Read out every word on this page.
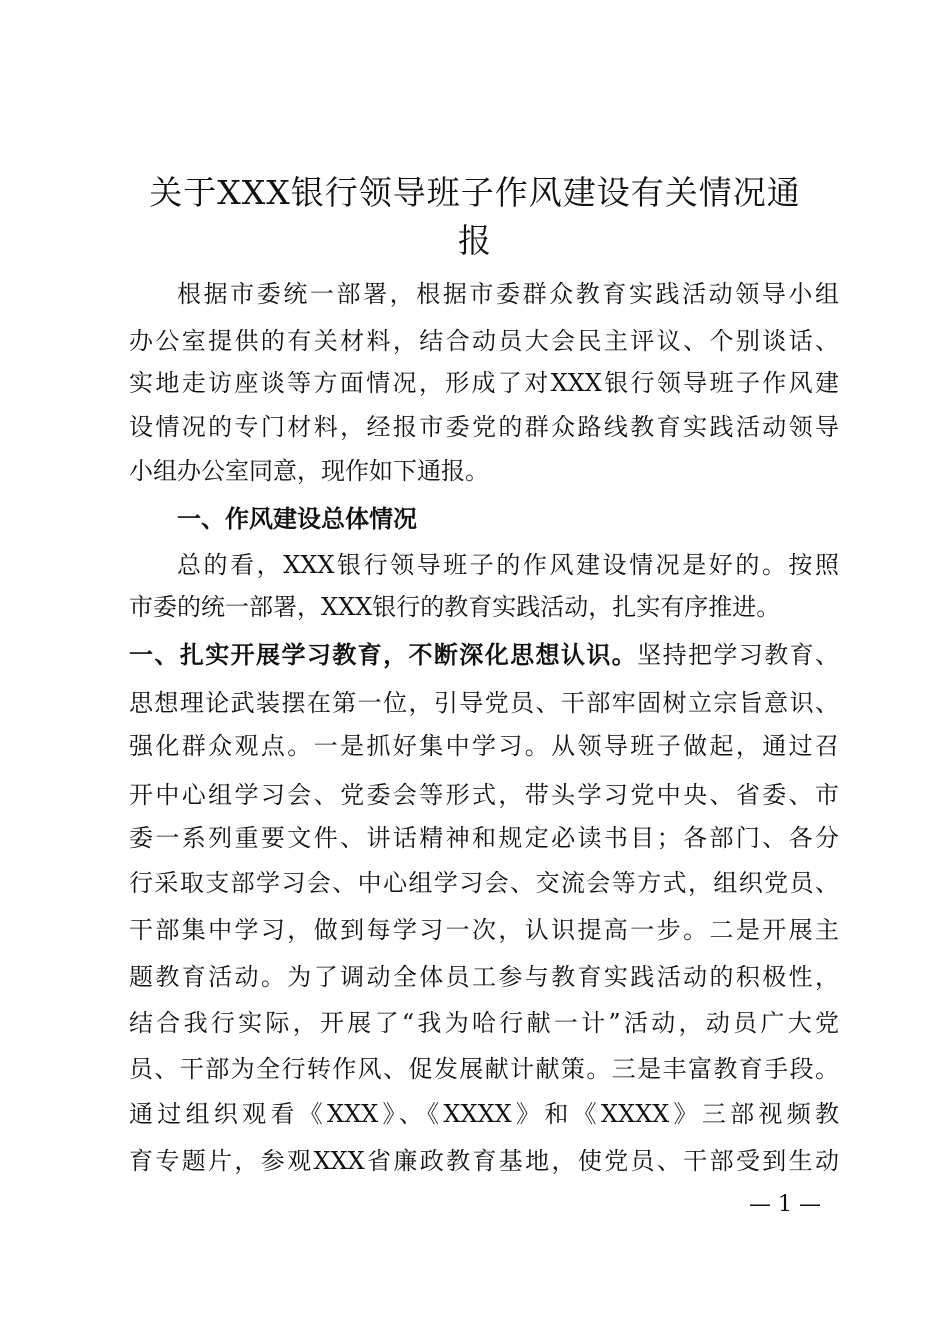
关于XXX银行领导班子作风建设有关情况通
报
根据市委统一部署，根据市委群众教育实践活动领导小组
办公室提供的有关材料，结合动员大会民主评议、个别谈话、
实地走访座谈等方面情况，形成了对XXX银行领导班子作风建
设情况的专门材料，经报市委党的群众路线教育实践活动领导
小组办公室同意，现作如下通报。
一、作风建设总体情况
总的看，XXX银行领导班子的作风建设情况是好的。按照
市委的统一部署，XXX银行的教育实践活动，扎实有序推进。
一、扎实开展学习教育，不断深化思想认识。坚持把学习教育、
思想理论武装摆在第一位，引导党员、干部牢固树立宗旨意识、
强化群众观点。一是抓好集中学习。从领导班子做起，通过召
开中心组学习会、党委会等形式，带头学习党中央、省委、市
委一系列重要文件、讲话精神和规定必读书目；各部门、各分
行采取支部学习会、中心组学习会、交流会等方式，组织党员、
干部集中学习，做到每学习一次，认识提高一步。二是开展主
题教育活动。为了调动全体员工参与教育实践活动的积极性，
结合我行实际，开展了“我为哈行献一计”活动，动员广大党
员、干部为全行转作风、促发展献计献策。三是丰富教育手段。
通过组织观看《XXX》、《XXXX》和《XXXX》三部视频教
育专题片，参观XXX省廉政教育基地，使党员、干部受到生动
— 1 —
